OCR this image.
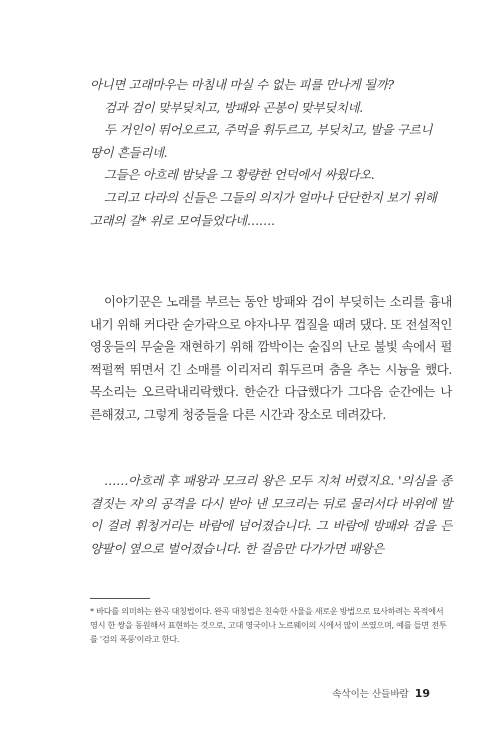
아니면 고래마우는 마침내 마실 수 없는 피를 만나게 될까?

검과 검이 맞부딪치고, 방패와 곤봉이 맞부딪치네.

두 거인이 뛰어오르고, 주먹을 휘두르고, 부딪치고, 발을 구르니

땅이 흔들리네.

그들은 아흐레 밤낮을 그 황량한 언덕에서 싸웠다오.

그리고 다라의 신들은 그들의 의지가 얼마나 단단한지 보기 위해

고래의 길* 위로 모여들었다네…….

이야기꾼은 노래를 부르는 동안 방패와 검이 부딪히는 소리를 흉내 내기 위해 커다란 숟가락으로 야자나무 껍질을 때려 댔다. 또 전설적인 영웅들의 무술을 재현하기 위해 깜박이는 술집의 난로 불빛 속에서 펄쩍펄쩍 뛰면서 긴 소매를 이리저리 휘두르며 춤을 추는 시늉을 했다. 목소리는 오르락내리락했다. 한순간 다급했다가 그다음 순간에는 나른해졌고, 그렇게 청중들을 다른 시간과 장소로 데려갔다.

……아흐레 후 패왕과 모크리 왕은 모두 지쳐 버렸지요. '의심을 종결짓는 자'의 공격을 다시 받아 낸 모크리는 뒤로 물러서다 바위에 발이 걸려 휘청거리는 바람에 넘어졌습니다. 그 바람에 방패와 검을 든 양팔이 옆으로 벌어졌습니다. 한 걸음만 다가가면 패왕은

* 바다를 의미하는 완곡 대칭법이다. 완곡 대칭법은 친숙한 사물을 새로운 방법으로 묘사하려는 목적에서 영시 한 쌍을 동원해서 표현하는 것으로, 고대 영국이나 노르웨이의 시에서 많이 쓰였으며, 예를 들면 전투를 '검의 폭풍'이라고 한다.

속삭이는 산들바람 19
